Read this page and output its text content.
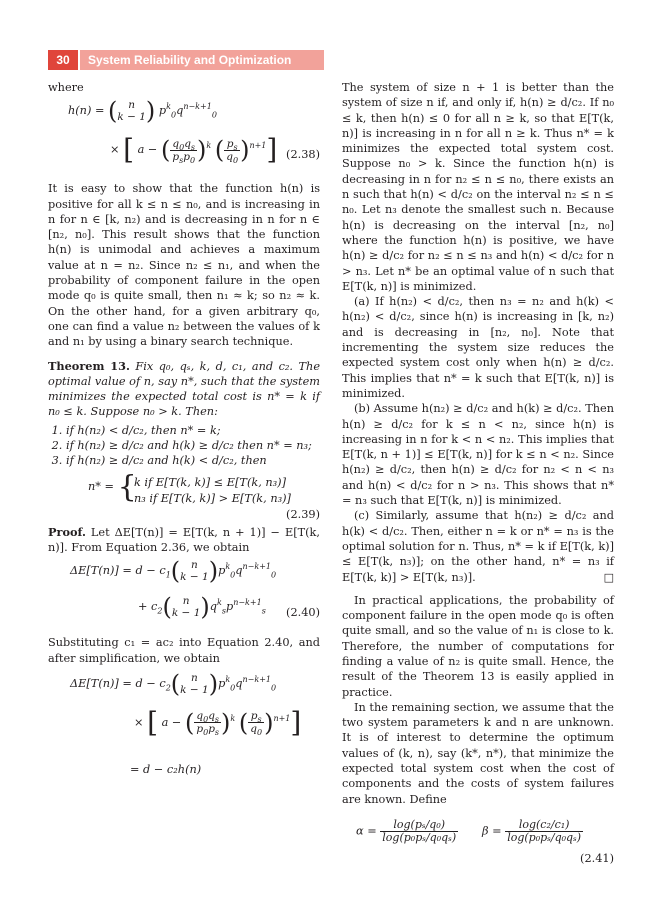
30	System Reliability and Optimization

where

h(n) = (	n
k − 1 ) $p^k_0q^{n-k+1}_0$
× [ a − ( $\frac{q_0q_s}{p_sp_0} )^k$ ( $\frac{p_s}{q_0} )^{n+1}$] (2.38)

It is easy to show that the function h(n) is positive for all k ≤ n ≤ n₀, and is increasing in n for n ∈ [k, n₂) and is decreasing in n for n ∈ [n₂, n₀]. This result shows that the function h(n) is unimodal and achieves a maximum value at n = n₂. Since n₂ ≤ n₁, and when the probability of component failure in the open mode q₀ is quite small, then n₁ ≈ k; so n₂ ≈ k. On the other hand, for a given arbitrary q₀, one can find a value n₂ between the values of k and n₁ by using a binary search technique.

Theorem 13. Fix q₀, qₛ, k, d, c₁, and c₂. The optimal value of n, say n*, such that the system minimizes the expected total cost is n* = k if n₀ ≤ k. Suppose n₀ > k. Then:

1. if h(n₂) < d/c₂, then n* = k;
2. if h(n₂) ≥ d/c₂ and h(k) ≥ d/c₂ then n* = n₃;
3. if h(n₂) ≥ d/c₂ and h(k) < d/c₂, then
n* = {
k if E[T(k, k)] ≤ E[T(k, n₃)]
n₃ if E[T(k, k)] > E[T(k, n₃)]
(2.39)

Proof. Let ΔE[T(n)] = E[T(k, n + 1)] − E[T(k, n)]. From Equation 2.36, we obtain

$\Delta E[T(n)] = d - c_1$(	n
k − 1 )$p^k_0q^{n-k+1}_0$
+ $c_2$(	n
k − 1 )$q^k_sp^{n-k+1}_s$ (2.40)

Substituting c₁ = ac₂ into Equation 2.40, and after simplification, we obtain

$\Delta E[T(n)] = d - c_2$(	n
k − 1 )$p^k_0q^{n-k+1}_0$
× [ a − ( $\frac{q_0q_s}{p_0p_s} )^k$ ( $\frac{p_s}{q_0} )^{n+1}$]
= d − c₂h(n)

The system of size n + 1 is better than the system of size n if, and only if, h(n) ≥ d/c₂. If n₀ ≤ k, then h(n) ≤ 0 for all n ≥ k, so that E[T(k, n)] is increasing in n for all n ≥ k. Thus n* = k minimizes the expected total system cost. Suppose n₀ > k. Since the function h(n) is decreasing in n for n₂ ≤ n ≤ n₀, there exists an n such that h(n) < d/c₂ on the interval n₂ ≤ n ≤ n₀. Let n₃ denote the smallest such n. Because h(n) is decreasing on the interval [n₂, n₀] where the function h(n) is positive, we have h(n) ≥ d/c₂ for n₂ ≤ n ≤ n₃ and h(n) < d/c₂ for n > n₃. Let n* be an optimal value of n such that E[T(k, n)] is minimized.

(a) If h(n₂) < d/c₂, then n₃ = n₂ and h(k) < h(n₂) < d/c₂, since h(n) is increasing in [k, n₂) and is decreasing in [n₂, n₀]. Note that incrementing the system size reduces the expected system cost only when h(n) ≥ d/c₂. This implies that n* = k such that E[T(k, n)] is minimized.

(b) Assume h(n₂) ≥ d/c₂ and h(k) ≥ d/c₂. Then h(n) ≥ d/c₂ for k ≤ n < n₂, since h(n) is increasing in n for k < n < n₂. This implies that E[T(k, n + 1)] ≤ E[T(k, n)] for k ≤ n < n₂. Since h(n₂) ≥ d/c₂, then h(n) ≥ d/c₂ for n₂ < n < n₃ and h(n) < d/c₂ for n > n₃. This shows that n* = n₃ such that E[T(k, n)] is minimized.

(c) Similarly, assume that h(n₂) ≥ d/c₂ and h(k) < d/c₂. Then, either n = k or n* = n₃ is the optimal solution for n. Thus, n* = k if E[T(k, k)] ≤ E[T(k, n₃)]; on the other hand, n* = n₃ if E[T(k, k)] > E[T(k, n₃)].	□

In practical applications, the probability of component failure in the open mode q₀ is often quite small, and so the value of n₁ is close to k. Therefore, the number of computations for finding a value of n₂ is quite small. Hence, the result of the Theorem 13 is easily applied in practice.

In the remaining section, we assume that the two system parameters k and n are unknown. It is of interest to determine the optimum values of (k, n), say (k*, n*), that minimize the expected total system cost when the cost of components and the costs of system failures are known. Define

$\alpha = \frac{\text{log(pₛ/q₀)}}{\text{log(p₀pₛ/q₀qₛ)}}$ $\beta = \frac{\text{log(c₂/c₁)}}{\text{log(p₀pₛ/q₀qₛ)}}$
(2.41)
